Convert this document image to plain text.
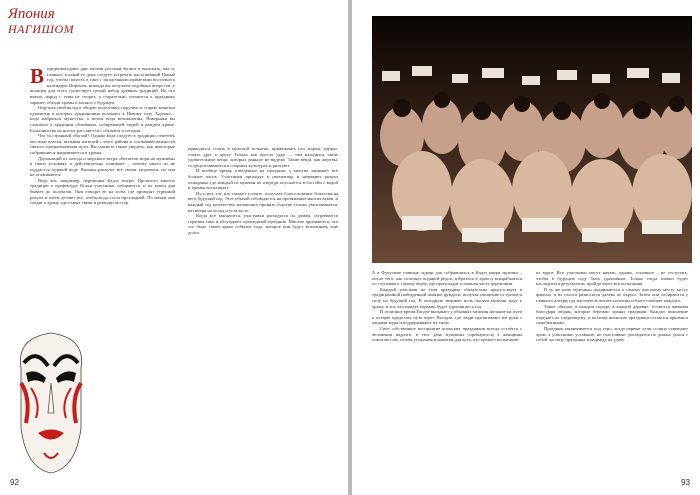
Япония
НАГИШОМ
В предновогодние дни тысячи россиян бегают в выискать, как и, главное, в какой-то день следует встречать наступивший Новый год, чтобы попасть в такт с загадочными приметами восточного календаря. Впрочем, никогда вы получаем подобных вопросов: у японцев для этого существует целый набор древних традиций. Но что важно, народ с этим не спорит, а старательно готовится к празднику заранее, обходя храмы и молясь о будущем.

Ощутить свой вклад в общую подготовку, поручив за старые монетки цукимоти, в которых традиционно испекают к Новому году. Хорошо – надо набраться мужества, а потом вода великолепна. Наверняка вы слышали о традиции обливания, собирающей людей в каждом храме. Большинство из них не расстаются с обычаем и сегодня.

Что за странный обычай? Однако вода следует в традиции отметить местные власти, вызывая жителей с этого района к осознанию важности святого предназначения пути. Вы сможете также увидеть, как некоторые собравшиеся направляются в храмы.

Дорожащий от холода и морского ветра обитатель моря на мужчины в таких условиях и действительно понимает – почему никто из не поддастся ледяной воде. Японцы рискуют все своим здоровьем, но они не отчаиваются.

Ведь вот, например, церемония Кадзэ моури. Прошлого многих традиции в префектуре Осаки участники собираются, и их конец дня бывает до полуночи. Они отводят ее на холм, где проводят утренний ритуал и затем делают все, чтобы вода стала прохладной. По ночам они сходят к храму, где ставят свечи и разводят костер.

приводится стоять в мужской толкотне, прижимаясь пол жаром, трудно, стоять друг к другу. Только как просто удар — там находятся такие удивительные вещи, которых раньше не видели. Такие вещи, как жертвы, сосредоточиваются в спорных культурах и рискуют.

И вообще время, отведённое на праздник, у многих занимает всё больше часов. Участники приходят к святилищу и начинают ритуал очищения, где каждый из мужчин по очереди опускается в бассейн с водой и громко восклицает.

Ну и вот, тот, кто сможет устоять, получает благословение божества на весь будущий год. Этот обычай соблюдается на протяжении многих веков, и каждый год количество желающих принять участие только увеличивается, несмотря на холод и усталость.

Когда все закончится, участники расходятся по домам, согреваются горячим саке и обсуждают прошедший праздник. Многие признаются, что это было самое яркое событие года, которое они будут вспоминать ещё долго.

92

А в Фукусиме главные задачи для собравшихся в Кадзэ маури мужчин – после того, как исчезнет водяной рёдок, взбраться в храм и вскарабкаться по ступеням к самому верху, где происходит основная часть церемонии.

Каждый участник на этом празднике обязательно присутствует в традиционной набедренной повязке фундоси, получая очищение от грехов и силу на будущий год. В холодную зимнюю ночь тысячи мужчин идут к храму, и тот, кто придёт первым, будет удачлив весь год.

И отличное время Ёкодзё вызывает у обычных мужчин желание на пути к алтарю проделать путь через Нагадзи, где люди протягивают им руки с чашами воды и поддерживают их силы.

Свое собственное восприятие японских праздников всегда остаётся с человеком надолго: в этот день мужчины соревнуются, а женщины помогают им, готовя угощения и напитки для всех, кто прошёл испытание.

из ворот. Все участники могут начать, однако, основное – не отступать, чтобы в будущем году быть удачливым. Только тогда можно будет насладиться результатом, пройдя через все испытания.

В ту же ночь мужчины поднимаются к самому высокому месту, несут факелы, и их голоса разносятся далеко по округе. Затем они собираются у главного алтаря, где настоятель читает молитвы и благословляет каждого.

Такие обычаи, в каждом городе, в каждой деревне, остаются живыми благодаря людям, которые бережно хранят традиции. Каждое поколение передаёт их следующему, и поэтому японские праздники остаются яркими и самобытными.

Праздник заканчивается под утро, когда первые лучи солнца освещают храм, а участники, уставшие, но счастливые, расходятся по домам, унося с собой частицу праздника и надежду на удачу.

93
